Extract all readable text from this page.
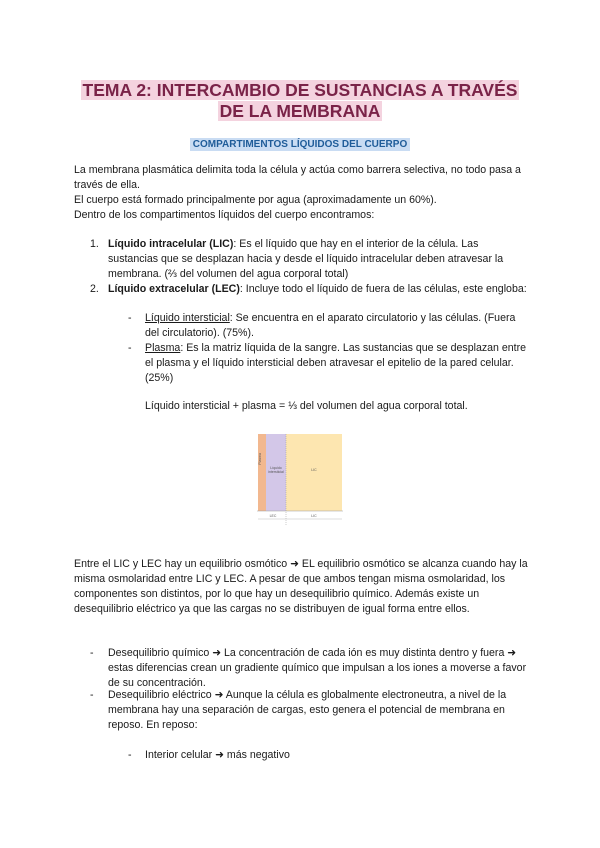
TEMA 2: INTERCAMBIO DE SUSTANCIAS A TRAVÉS
DE LA MEMBRANA
COMPARTIMENTOS LÍQUIDOS DEL CUERPO

La membrana plasmática delimita toda la célula y actúa como barrera selectiva, no todo pasa a través de ella.

El cuerpo está formado principalmente por agua (aproximadamente un 60%).

Dentro de los compartimentos líquidos del cuerpo encontramos:

1. Líquido intracelular (LIC): Es el líquido que hay en el interior de la célula. Las sustancias que se desplazan hacia y desde el líquido intracelular deben atravesar la membrana. (⅔ del volumen del agua corporal total)
2. Líquido extracelular (LEC): Incluye todo el líquido de fuera de las células, este engloba:
- Líquido intersticial: Se encuentra en el aparato circulatorio y las células. (Fuera del circulatorio). (75%).
- Plasma: Es la matriz líquida de la sangre. Las sustancias que se desplazan entre el plasma y el líquido intersticial deben atravesar el epitelio de la pared celular. (25%)
Líquido intersticial + plasma = ⅓ del volumen del agua corporal total.
Líquido intersticial	LIC
Plasma
LEC	LIC
Entre el LIC y LEC hay un equilibrio osmótico ➜ EL equilibrio osmótico se alcanza cuando hay la misma osmolaridad entre LIC y LEC. A pesar de que ambos tengan misma osmolaridad, los componentes son distintos, por lo que hay un desequilibrio químico. Además existe un desequilibrio eléctrico ya que las cargas no se distribuyen de igual forma entre ellos.
- Desequilibrio químico ➜ La concentración de cada ión es muy distinta dentro y fuera ➜ estas diferencias crean un gradiente químico que impulsan a los iones a moverse a favor de su concentración.
- Desequilibrio eléctrico ➜ Aunque la célula es globalmente electroneutra, a nivel de la membrana hay una separación de cargas, esto genera el potencial de membrana en reposo. En reposo:
- Interior celular ➜ más negativo
